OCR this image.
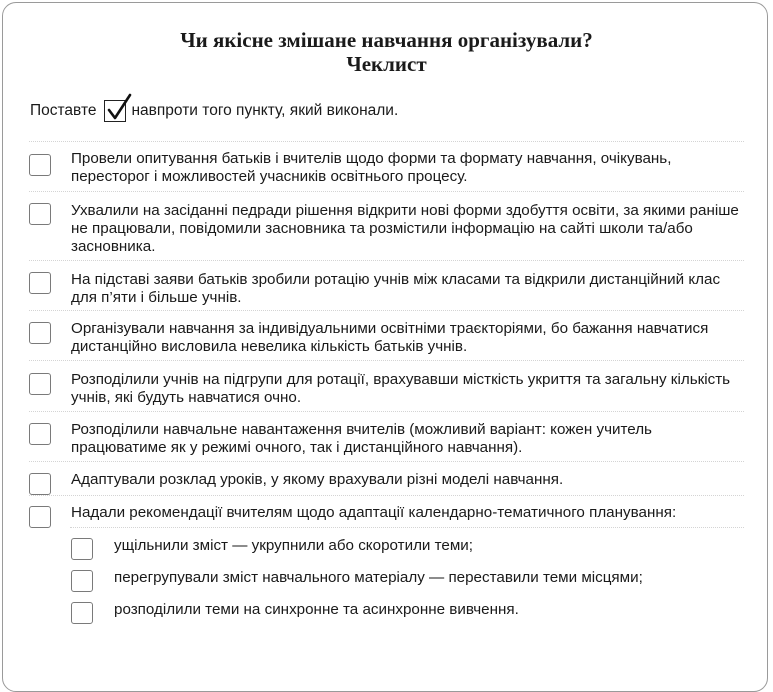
Чи якісне змішане навчання організували?
Чеклист
Поставте навпроти того пункту, який виконали.
Провели опитування батьків і вчителів щодо форми та формату навчання, очікувань, пересторог і можливостей учасників освітнього процесу.
Ухвалили на засіданні педради рішення відкрити нові форми здобуття освіти, за якими раніше не працювали, повідомили засновника та розмістили інформацію на сайті школи та/або засновника.
На підставі заяви батьків зробили ротацію учнів між класами та відкрили дистанційний клас для п’яти і більше учнів.
Організували навчання за індивідуальними освітніми траєкторіями, бо бажання навчатися дистанційно висловила невелика кількість батьків учнів.
Розподілили учнів на підгрупи для ротації, врахувавши місткість укриття та загальну кількість учнів, які будуть навчатися очно.
Розподілили навчальне навантаження вчителів (можливий варіант: кожен учитель працюватиме як у режимі очного, так і дистанційного навчання).
Адаптували розклад уроків, у якому врахували різні моделі навчання.
Надали рекомендації вчителям щодо адаптації календарно-тематичного планування:
ущільнили зміст — укрупнили або скоротили теми;
перегрупували зміст навчального матеріалу — переставили теми місцями;
розподілили теми на синхронне та асинхронне вивчення.
